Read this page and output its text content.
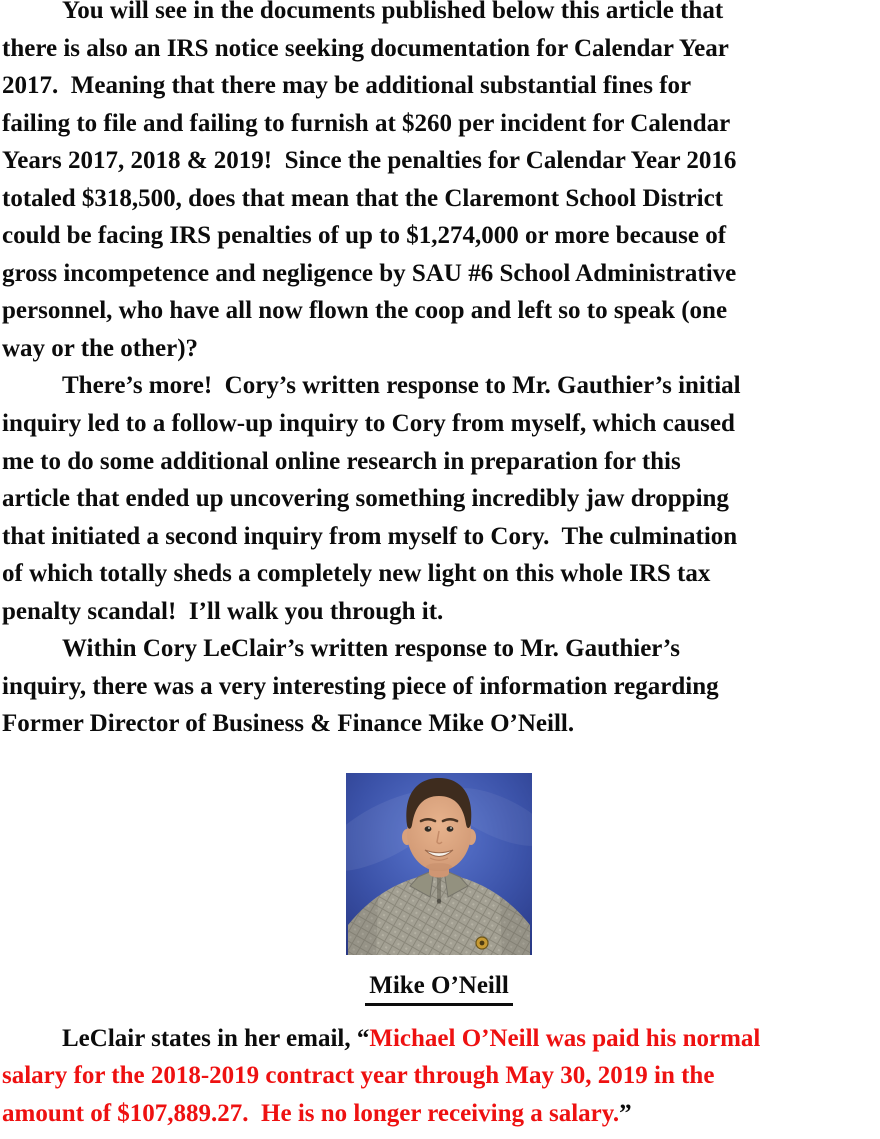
You will see in the documents published below this article that
there is also an IRS notice seeking documentation for Calendar Year
2017.  Meaning that there may be additional substantial fines for
failing to file and failing to furnish at $260 per incident for Calendar
Years 2017, 2018 & 2019!  Since the penalties for Calendar Year 2016
totaled $318,500, does that mean that the Claremont School District
could be facing IRS penalties of up to $1,274,000 or more because of
gross incompetence and negligence by SAU #6 School Administrative
personnel, who have all now flown the coop and left so to speak (one
way or the other)?
There’s more!  Cory’s written response to Mr. Gauthier’s initial
inquiry led to a follow-up inquiry to Cory from myself, which caused
me to do some additional online research in preparation for this
article that ended up uncovering something incredibly jaw dropping
that initiated a second inquiry from myself to Cory.  The culmination
of which totally sheds a completely new light on this whole IRS tax
penalty scandal!  I’ll walk you through it.
Within Cory LeClair’s written response to Mr. Gauthier’s
inquiry, there was a very interesting piece of information regarding
Former Director of Business & Finance Mike O’Neill.
Mike O’Neill
LeClair states in her email, “Michael O’Neill was paid his normal
salary for the 2018-2019 contract year through May 30, 2019 in the
amount of $107,889.27.  He is no longer receiving a salary.”
